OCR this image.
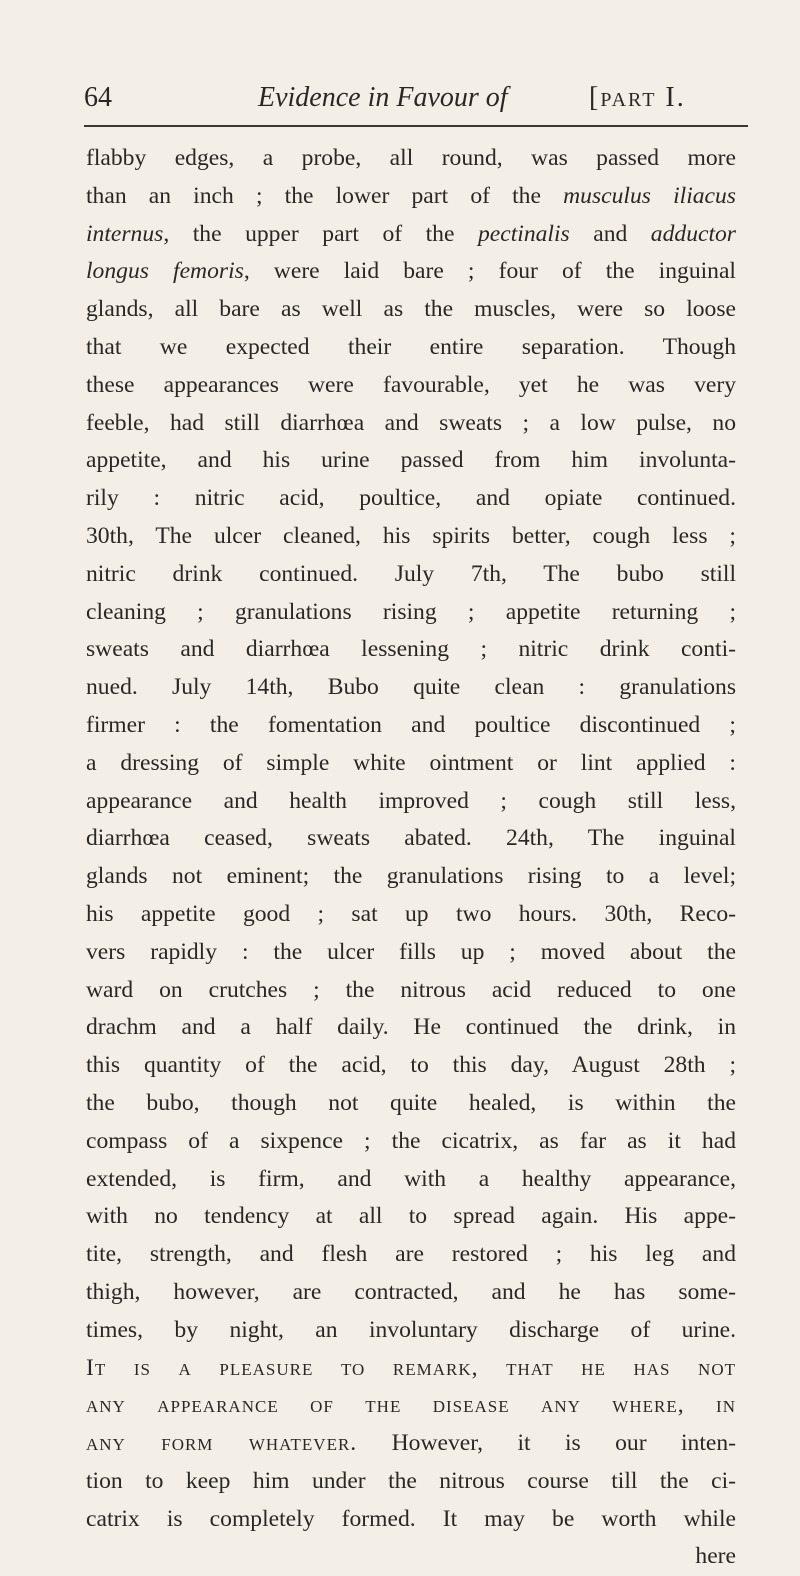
64	Evidence in Favour of	[part I.
flabby edges, a probe, all round, was passed more
than an inch ; the lower part of the musculus iliacus
internus, the upper part of the pectinalis and adductor
longus femoris, were laid bare ; four of the inguinal
glands, all bare as well as the muscles, were so loose
that we expected their entire separation. Though
these appearances were favourable, yet he was very
feeble, had still diarrhœa and sweats ; a low pulse, no
appetite, and his urine passed from him involunta-
rily : nitric acid, poultice, and opiate continued.
30th, The ulcer cleaned, his spirits better, cough less ;
nitric drink continued. July 7th, The bubo still
cleaning ; granulations rising ; appetite returning ;
sweats and diarrhœa lessening ; nitric drink conti-
nued. July 14th, Bubo quite clean : granulations
firmer : the fomentation and poultice discontinued ;
a dressing of simple white ointment or lint applied :
appearance and health improved ; cough still less,
diarrhœa ceased, sweats abated. 24th, The inguinal
glands not eminent; the granulations rising to a level;
his appetite good ; sat up two hours. 30th, Reco-
vers rapidly : the ulcer fills up ; moved about the
ward on crutches ; the nitrous acid reduced to one
drachm and a half daily. He continued the drink, in
this quantity of the acid, to this day, August 28th ;
the bubo, though not quite healed, is within the
compass of a sixpence ; the cicatrix, as far as it had
extended, is firm, and with a healthy appearance,
with no tendency at all to spread again. His appe-
tite, strength, and flesh are restored ; his leg and
thigh, however, are contracted, and he has some-
times, by night, an involuntary discharge of urine.
It is a pleasure to remark, that he has not
any appearance of the disease any where, in
any form whatever. However, it is our inten-
tion to keep him under the nitrous course till the ci-
catrix is completely formed. It may be worth while
here
